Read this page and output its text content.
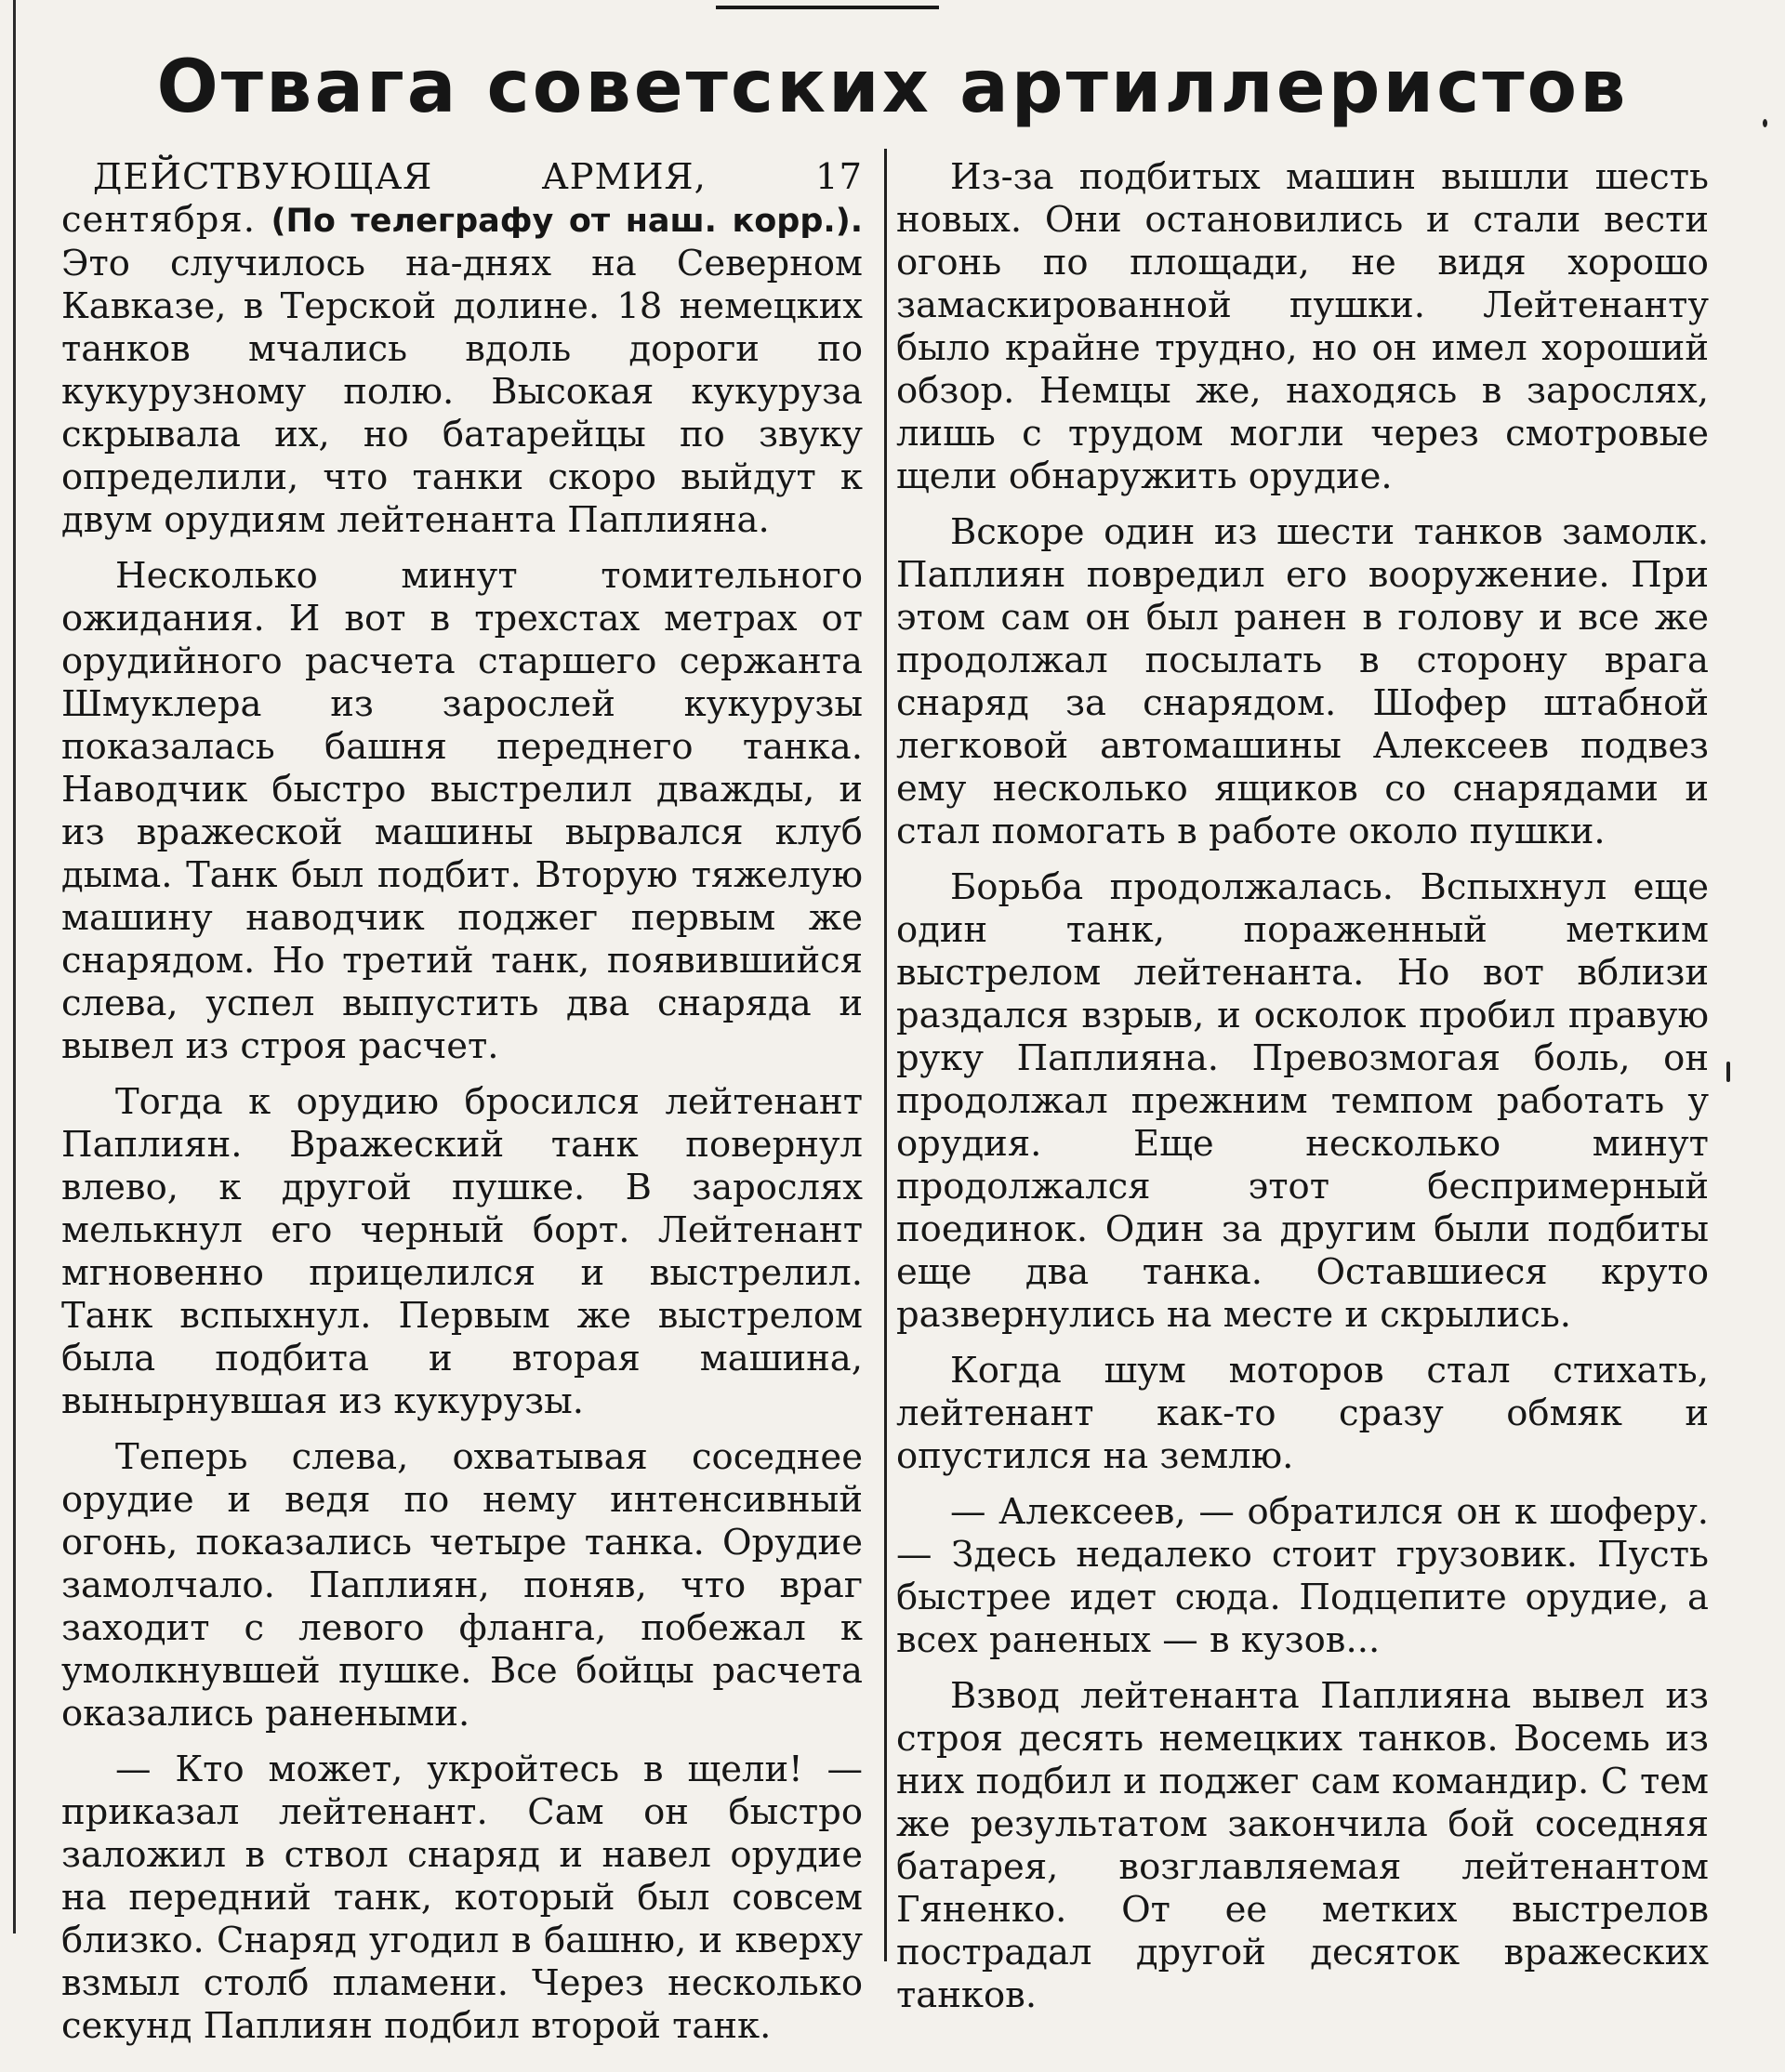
Отвага советских артиллеристов

ДЕЙСТВУЮЩАЯ АРМИЯ, 17 сентября. (По телеграфу от наш. корр.). Это случилось на-днях на Северном Кавказе, в Терской долине. 18 немецких танков мчались вдоль дороги по кукурузному полю. Высокая кукуруза скрывала их, но батарейцы по звуку определили, что танки скоро выйдут к двум орудиям лейтенанта Паплияна.

Несколько минут томительного ожидания. И вот в трехстах метрах от орудийного расчета старшего сержанта Шмуклера из зарослей кукурузы показалась башня переднего танка. Наводчик быстро выстрелил дважды, и из вражеской машины вырвался клуб дыма. Танк был подбит. Вторую тяжелую машину наводчик поджег первым же снарядом. Но третий танк, появившийся слева, успел выпустить два снаряда и вывел из строя расчет.

Тогда к орудию бросился лейтенант Паплиян. Вражеский танк повернул влево, к другой пушке. В зарослях мелькнул его черный борт. Лейтенант мгновенно прицелился и выстрелил. Танк вспыхнул. Первым же выстрелом была подбита и вторая машина, вынырнувшая из кукурузы.

Теперь слева, охватывая соседнее орудие и ведя по нему интенсивный огонь, показались четыре танка. Орудие замолчало. Паплиян, поняв, что враг заходит с левого фланга, побежал к умолкнувшей пушке. Все бойцы расчета оказались ранеными.

— Кто может, укройтесь в щели! — приказал лейтенант. Сам он быстро заложил в ствол снаряд и навел орудие на передний танк, который был совсем близко. Снаряд угодил в башню, и кверху взмыл столб пламени. Через несколько секунд Паплиян подбил второй танк.

Из-за подбитых машин вышли шесть новых. Они остановились и стали вести огонь по площади, не видя хорошо замаскированной пушки. Лейтенанту было крайне трудно, но он имел хороший обзор. Немцы же, находясь в зарослях, лишь с трудом могли через смотровые щели обнаружить орудие.

Вскоре один из шести танков замолк. Паплиян повредил его вооружение. При этом сам он был ранен в голову и все же продолжал посылать в сторону врага снаряд за снарядом. Шофер штабной легковой автомашины Алексеев подвез ему несколько ящиков со снарядами и стал помогать в работе около пушки.

Борьба продолжалась. Вспыхнул еще один танк, пораженный метким выстрелом лейтенанта. Но вот вблизи раздался взрыв, и осколок пробил правую руку Паплияна. Превозмогая боль, он продолжал прежним темпом работать у орудия. Еще несколько минут продолжался этот беспримерный поединок. Один за другим были подбиты еще два танка. Оставшиеся круто развернулись на месте и скрылись.

Когда шум моторов стал стихать, лейтенант как-то сразу обмяк и опустился на землю.

— Алексеев, — обратился он к шоферу. — Здесь недалеко стоит грузовик. Пусть быстрее идет сюда. Подцепите орудие, а всех раненых — в кузов...

Взвод лейтенанта Паплияна вывел из строя десять немецких танков. Восемь из них подбил и поджег сам командир. С тем же результатом закончила бой соседняя батарея, возглавляемая лейтенантом Гяненко. От ее метких выстрелов пострадал другой десяток вражеских танков.
